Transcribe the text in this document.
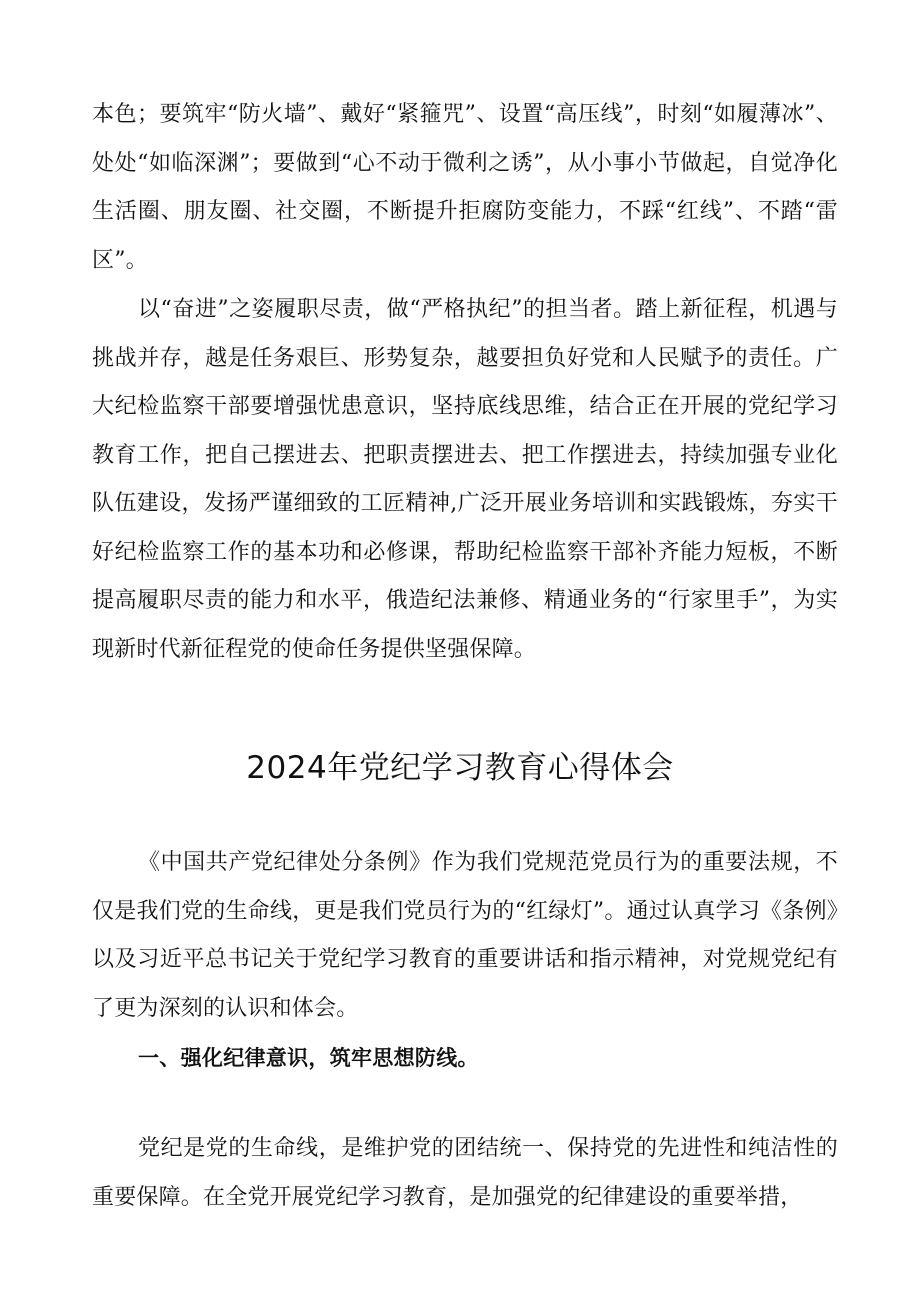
本色；要筑牢“防火墙”、戴好“紧箍咒”、设置“高压线”，时刻“如履薄冰”、处处“如临深渊”；要做到“心不动于微利之诱”，从小事小节做起，自觉净化生活圈、朋友圈、社交圈，不断提升拒腐防变能力，不踩“红线”、不踏“雷区”。

以“奋进”之姿履职尽责，做“严格执纪”的担当者。踏上新征程，机遇与挑战并存，越是任务艰巨、形势复杂，越要担负好党和人民赋予的责任。广大纪检监察干部要增强忧患意识，坚持底线思维，结合正在开展的党纪学习教育工作，把自己摆进去、把职责摆进去、把工作摆进去，持续加强专业化队伍建设，发扬严谨细致的工匠精神,广泛开展业务培训和实践锻炼，夯实干好纪检监察工作的基本功和必修课，帮助纪检监察干部补齐能力短板，不断提高履职尽责的能力和水平，俄造纪法兼修、精通业务的“行家里手”，为实现新时代新征程党的使命任务提供坚强保障。

2024年党纪学习教育心得体会

《中国共产党纪律处分条例》作为我们党规范党员行为的重要法规，不仅是我们党的生命线，更是我们党员行为的“红绿灯”。通过认真学习《条例》以及习近平总书记关于党纪学习教育的重要讲话和指示精神，对党规党纪有了更为深刻的认识和体会。

一、强化纪律意识，筑牢思想防线。

党纪是党的生命线，是维护党的团结统一、保持党的先进性和纯洁性的重要保障。在全党开展党纪学习教育，是加强党的纪律建设的重要举措，
